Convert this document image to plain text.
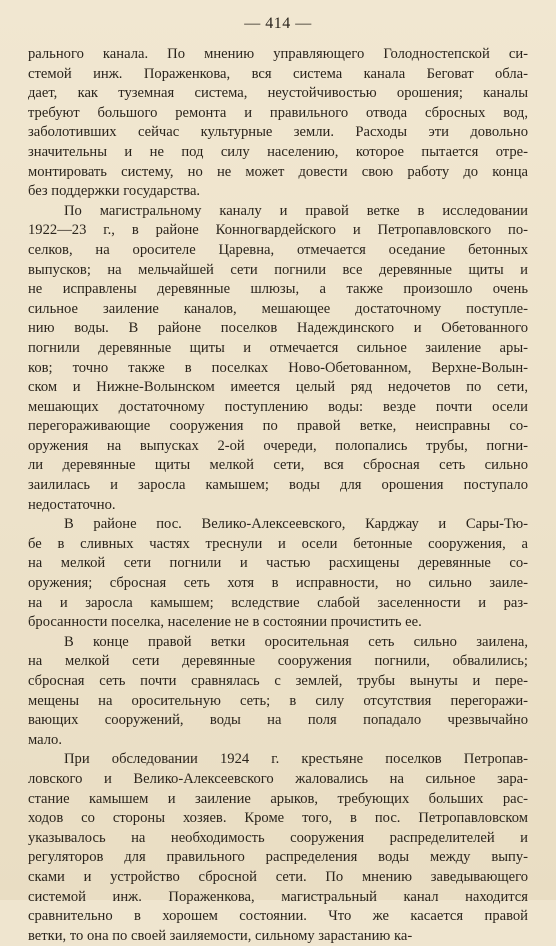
— 414 —
рального канала. По мнению управляющего Голодностепской си-
стемой инж. Пораженкова, вся система канала Беговат обла-
дает, как туземная система, неустойчивостью орошения; каналы
требуют большого ремонта и правильного отвода сбросных вод,
заболотивших сейчас культурные земли. Расходы эти довольно
значительны и не под силу населению, которое пытается отре-
монтировать систему, но не может довести свою работу до конца
без поддержки государства.
По магистральному каналу и правой ветке в исследовании
1922—23 г., в районе Конногвардейского и Петропавловского по-
селков, на оросителе Царевна, отмечается оседание бетонных
выпусков; на мельчайшей сети погнили все деревянные щиты и
не исправлены деревянные шлюзы, а также произошло очень
сильное заиление каналов, мешающее достаточному поступле-
нию воды. В районе поселков Надеждинского и Обетованного
погнили деревянные щиты и отмечается сильное заиление ары-
ков; точно также в поселках Ново-Обетованном, Верхне-Волын-
ском и Нижне-Волынском имеется целый ряд недочетов по сети,
мешающих достаточному поступлению воды: везде почти осели
перегораживающие сооружения по правой ветке, неисправны со-
оружения на выпусках 2-ой очереди, полопались трубы, погни-
ли деревянные щиты мелкой сети, вся сбросная сеть сильно
заилилась и заросла камышем; воды для орошения поступало
недостаточно.
В районе пос. Велико-Алексеевского, Карджау и Сары-Тю-
бе в сливных частях треснули и осели бетонные сооружения, а
на мелкой сети погнили и частью расхищены деревянные со-
оружения; сбросная сеть хотя в исправности, но сильно заиле-
на и заросла камышем; вследствие слабой заселенности и раз-
бросанности поселка, население не в состоянии прочистить ее.
В конце правой ветки оросительная сеть сильно заилена,
на мелкой сети деревянные сооружения погнили, обвалились;
сбросная сеть почти сравнялась с землей, трубы вынуты и пере-
мещены на оросительную сеть; в силу отсутствия перегоражи-
вающих сооружений, воды на поля попадало чрезвычайно
мало.
При обследовании 1924 г. крестьяне поселков Петропав-
ловского и Велико-Алексеевского жаловались на сильное зара-
стание камышем и заиление арыков, требующих больших рас-
ходов со стороны хозяев. Кроме того, в пос. Петропавловском
указывалось на необходимость сооружения распределителей и
регуляторов для правильного распределения воды между выпу-
сками и устройство сбросной сети. По мнению заведывающего
системой инж. Пораженкова, магистральный канал находится
сравнительно в хорошем состоянии. Что же касается правой
ветки, то она по своей заиляемости, сильному зарастанию ка-
